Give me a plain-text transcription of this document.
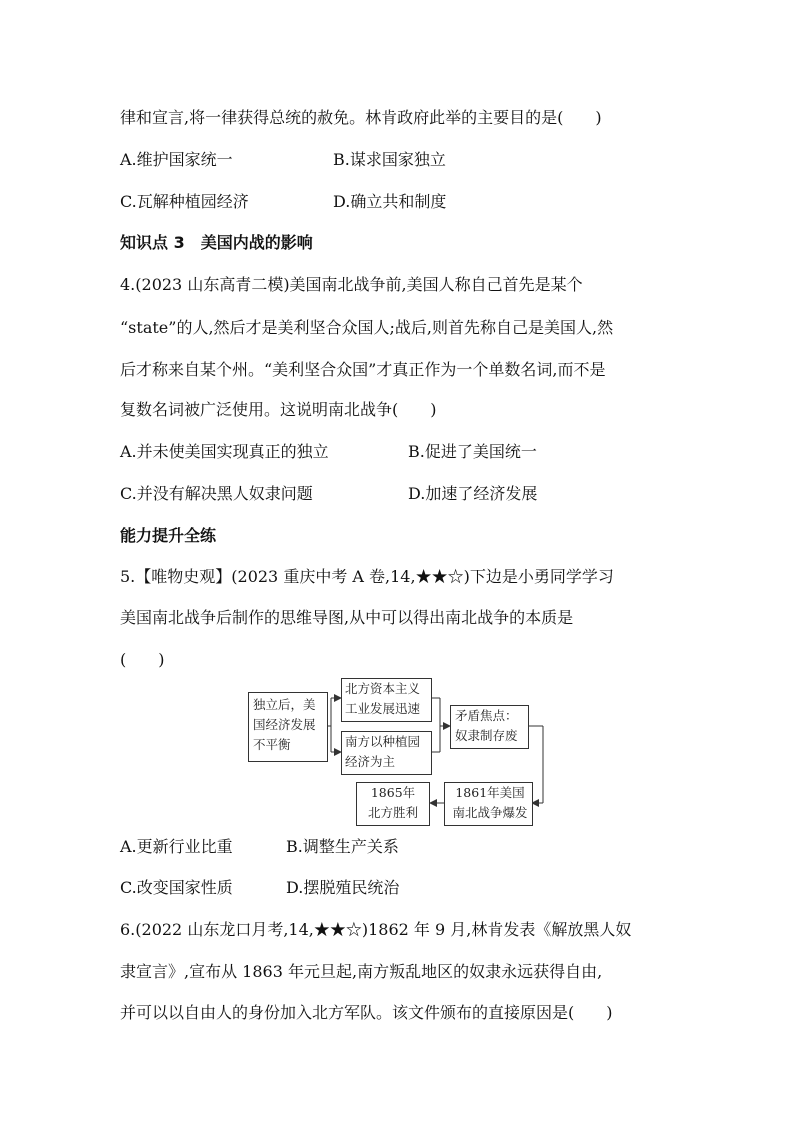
律和宣言,将一律获得总统的赦免。林肯政府此举的主要目的是(　　)
A.维护国家统一	B.谋求国家独立
C.瓦解种植园经济	D.确立共和制度
知识点 3　美国内战的影响
4.(2023 山东高青二模)美国南北战争前,美国人称自己首先是某个
“state”的人,然后才是美利坚合众国人;战后,则首先称自己是美国人,然
后才称来自某个州。“美利坚合众国”才真正作为一个单数名词,而不是
复数名词被广泛使用。这说明南北战争(　　)
A.并未使美国实现真正的独立	B.促进了美国统一
C.并没有解决黑人奴隶问题	D.加速了经济发展
能力提升全练
5.【唯物史观】(2023 重庆中考 A 卷,14,★★☆)下边是小勇同学学习
美国南北战争后制作的思维导图,从中可以得出南北战争的本质是
(　　)
独立后，美
国经济发展
不平衡
北方资本主义
工业发展迅速
南方以种植园
经济为主
矛盾焦点：
奴隶制存废
1861年美国
南北战争爆发
1865年
北方胜利
A.更新行业比重	B.调整生产关系
C.改变国家性质	D.摆脱殖民统治
6.(2022 山东龙口月考,14,★★☆)1862 年 9 月,林肯发表《解放黑人奴
隶宣言》,宣布从 1863 年元旦起,南方叛乱地区的奴隶永远获得自由,
并可以以自由人的身份加入北方军队。该文件颁布的直接原因是(　　)
